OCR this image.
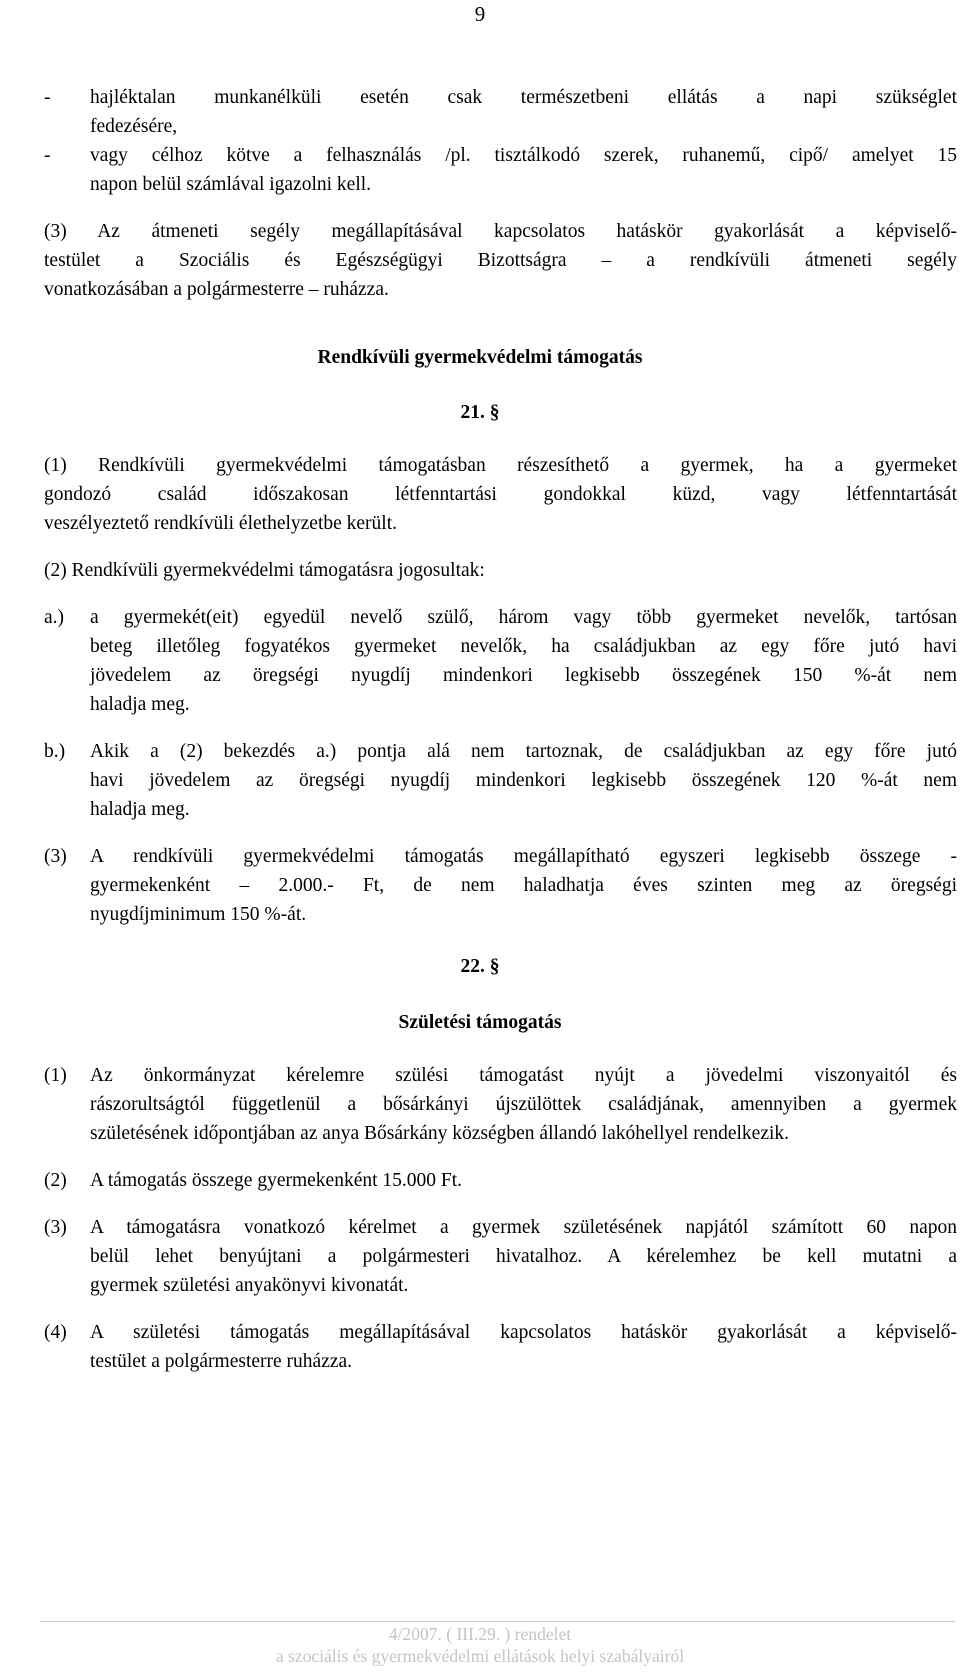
9
- hajléktalan munkanélküli esetén csak természetbeni ellátás a napi szükséglet
fedezésére,
- vagy célhoz kötve a felhasználás /pl. tisztálkodó szerek, ruhanemű, cipő/ amelyet 15
napon belül számlával igazolni kell.
(3) Az átmeneti segély megállapításával kapcsolatos hatáskör gyakorlását a képviselő-
testület a Szociális és Egészségügyi Bizottságra – a rendkívüli átmeneti segély
vonatkozásában a polgármesterre – ruházza.
Rendkívüli gyermekvédelmi támogatás
21. §
(1) Rendkívüli gyermekvédelmi támogatásban részesíthető a gyermek, ha a gyermeket
gondozó család időszakosan létfenntartási gondokkal küzd, vagy létfenntartását
veszélyeztető rendkívüli élethelyzetbe került.
(2) Rendkívüli gyermekvédelmi támogatásra jogosultak:
a.) a gyermekét(eit) egyedül nevelő szülő, három vagy több gyermeket nevelők, tartósan
beteg illetőleg fogyatékos gyermeket nevelők, ha családjukban az egy főre jutó havi
jövedelem az öregségi nyugdíj mindenkori legkisebb összegének 150 %-át nem
haladja meg.
b.) Akik a (2) bekezdés a.) pontja alá nem tartoznak, de családjukban az egy főre jutó
havi jövedelem az öregségi nyugdíj mindenkori legkisebb összegének 120 %-át nem
haladja meg.
(3) A rendkívüli gyermekvédelmi támogatás megállapítható egyszeri legkisebb összege -
gyermekenként – 2.000.- Ft, de nem haladhatja éves szinten meg az öregségi
nyugdíjminimum 150 %-át.
22. §
Születési támogatás
(1) Az önkormányzat kérelemre szülési támogatást nyújt a jövedelmi viszonyaitól és
rászorultságtól függetlenül a bősárkányi újszülöttek családjának, amennyiben a gyermek
születésének időpontjában az anya Bősárkány községben állandó lakóhellyel rendelkezik.
(2) A támogatás összege gyermekenként 15.000 Ft.
(3) A támogatásra vonatkozó kérelmet a gyermek születésének napjától számított 60 napon
belül lehet benyújtani a polgármesteri hivatalhoz. A kérelemhez be kell mutatni a
gyermek születési anyakönyvi kivonatát.
(4) A születési támogatás megállapításával kapcsolatos hatáskör gyakorlását a képviselő-
testület a polgármesterre ruházza.
4/2007. ( III.29. ) rendelet
a szociális és gyermekvédelmi ellátások helyi szabályairól
